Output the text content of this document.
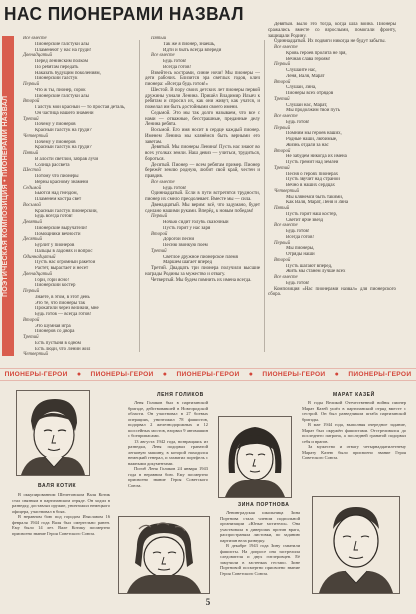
НАС ПИОНЕРАМИ НАЗВАЛ
ПОЭТИЧЕСКАЯ КОМПОЗИЦИЯ • ПИОНЕРАМИ НАЗВАЛ
Все вместе
Пионерские галстуки алы
Пламенеют у нас на груди!
Двенадцатый
Перед ленинским полком
По ребятам передать
Наказать будущим поколениям,
Пионерский галстук
Первый
Что ж ты, пионер, сорок
Пионерские галстуки алы
Второй
Галстук мой красный — то простая деталь,
Он частица нашего знамени
Третий
Почему у пионеров
Красный галстук на груди?
Четвертый
Почему у пионеров
Красный галстук на груди?
Пятый
В алости светлой, забрав лучи
Солнца рассвета
Шестой
Потому что пионеры
Верны красному знамени
Седьмой
Бьются над гнездом,
Пламенем костра свет
Восьмой
Красный галстук пионерский,
Будь всегда готов!
Девятый
Пионерские выручатели!
Помощники вечности
Десятый
Бурлит у пионеров
Пальцы в ладонях и вопрос
Одиннадцатый
Пусть нас огромный ракетой
Растет, вырастает и несет
Двенадцатый
Гори, гори ясно!
Пионерский костер
Первый
Знаете, в этом, в этот день
Это те, что пионеры так
Прокатили через великий, мне
Будь готов — всегда готов!
Второй
Это шумная игра
Пионеров со двора
Третий
Есть пустыня в одном
Есть люди, что Ленин жил
Четвертый
Пятый
Так же я пионер, знаешь,
Идти и быть всегда впереди
Все вместе
Будь готов!
Всегда готов!
Взвейтесь кострами, синие ночи! Мы пионеры — дети рабочих. Близится эра светлых годов, клич пионера: «Всегда будь готов!»
Шестой. В пору своих детских лет пионеры первой дружины узнали Ленина. Пришёл Владимир Ильич к ребятам и спросил их, как они живут, как учатся, и пожелал им быть достойными своего имени.
Седьмой. Это мы так долго называем, что все с нами — отважные, бесстрашные, преданные делу Ленина ребята.
Восьмой. Его имя носит в сердце каждый пионер. Именем Ленина мы клянёмся быть верными его заветам.
Девятый. Мы пионеры Ленина! Пусть нас знают во всех уголках земли. Наш девиз — учиться, трудиться, бороться.
Десятый. Пионер — всем ребятам пример. Пионер бережёт землю родную, любит свой край, честен и правдив.
Все вместе
Будь готов!
Одиннадцатый. Если в пути встретятся трудности, пионер их смело преодолевает. Вместе мы — сила.
Двенадцатый. Мы верим: всё, что задумано, будет сделано нашими руками. Вперёд, к новым победам!
Первый
Ночью сидит голубь сказочный
Пусть горит у нас заря
Второй
Дорогой песни
Песню звонкую поём
Третий
Светлое дружное пионерское племя
Маршем шагает вперёд
Третий. Двадцать три пионера получили высшие награды Родины за мужество и отвагу.
Четвертый. Мы будем помнить их имена всегда.
Девятый. Было это тогда, когда шла война. Пионеры сражались вместе со взрослыми, помогали фронту, защищали Родину.
Одиннадцатый. Их подвиги никогда не будут забыты.
Все вместе
Кровь героев пролита не зря,
Вечная слава героям!
Первый
Слушайте нас,
Лёня, Валя, Марат
Второй
Слушай, Зина,
Пионеры всех отрядов
Третий
Слушай нас, Марат,
Мы продолжим твой путь
Все вместе
Будь готов!
Первый
Помним мы героев наших,
Родные наши, любимые,
Жизнь отдали за нас
Второй
Не забудем никогда их имена
Пусть гремит над землёй
Третий
Песня о героях пионерах
Пусть звучит над страной
Вечно в наших сердцах
Четвертый
Мы клянёмся быть такими,
Как Валя, Марат, Лёня и Зина
Пятый
Пусть горит наш костёр,
Светит ярче звёзд
Все вместе
Будь готов!
Всегда готов!
Первый
Мы пионеры,
Отряды наши
Второй
Пусть шагают вперёд,
Жить мы станем лучше всех
Все вместе
Будь готов!
Композиция «Нас пионерами назвал» для пионерского сбора.
ПИОНЕРЫ-ГЕРОИ ● ПИОНЕРЫ-ГЕРОИ ● ПИОНЕРЫ-ГЕРОИ ● ПИОНЕРЫ-ГЕРОИ ● ПИОНЕРЫ-ГЕРОИ
ЛЕНЯ ГОЛИКОВ

Леня Голиков был в партизанской бригаде, действовавшей в Новгородской области. Он участвовал в 27 боевых операциях, уничтожил 78 фашистов, подорвал 2 железнодорожных и 12 шоссейных мостов, взорвал 9 автомашин с боеприпасами.

13 августа 1942 года, возвращаясь из разведки, Леня подорвал гранатой легковую машину, в которой находился немецкий генерал, и захватил портфель с важными документами.

Погиб Леня Голиков 24 января 1943 года в неравном бою. Ему посмертно присвоено звание Героя Советского Союза.

МАРАТ КАЗЕЙ

В годы Великой Отечественной войны пионер Марат Казей ушёл в партизанский отряд вместе с сестрой. Он был разведчиком штаба партизанской бригады.

В мае 1944 года, выполняя очередное задание, Марат был окружён фашистами. Отстреливался до последнего патрона, а последней гранатой подорвал себя и врагов.

За мужество и отвагу четырнадцатилетнему Марату Казею было присвоено звание Героя Советского Союза.

ВАЛЯ КОТИК

В оккупированном Шепетовском Валя Котик стал связным в партизанском отряде. Он ходил в разведку, доставлял оружие, уничтожил немецкого офицера, участвовал в боях.

В неравном бою под городом Изяславом 16 февраля 1944 года Валя был смертельно ранен. Ему было 14 лет. Вале Котику посмертно присвоено звание Героя Советского Союза.

ЗИНА ПОРТНОВА

Ленинградская школьница Зина Портнова стала членом подпольной организации «Юные мстители». Она участвовала в диверсиях против врага, распространяла листовки, по заданию партизан вела разведку.

В декабре 1943 года Зину схватили фашисты. На допросе она застрелила следователя и двух гитлеровцев. Её замучили в застенках гестапо. Зине Портновой посмертно присвоено звание Героя Советского Союза.

5
